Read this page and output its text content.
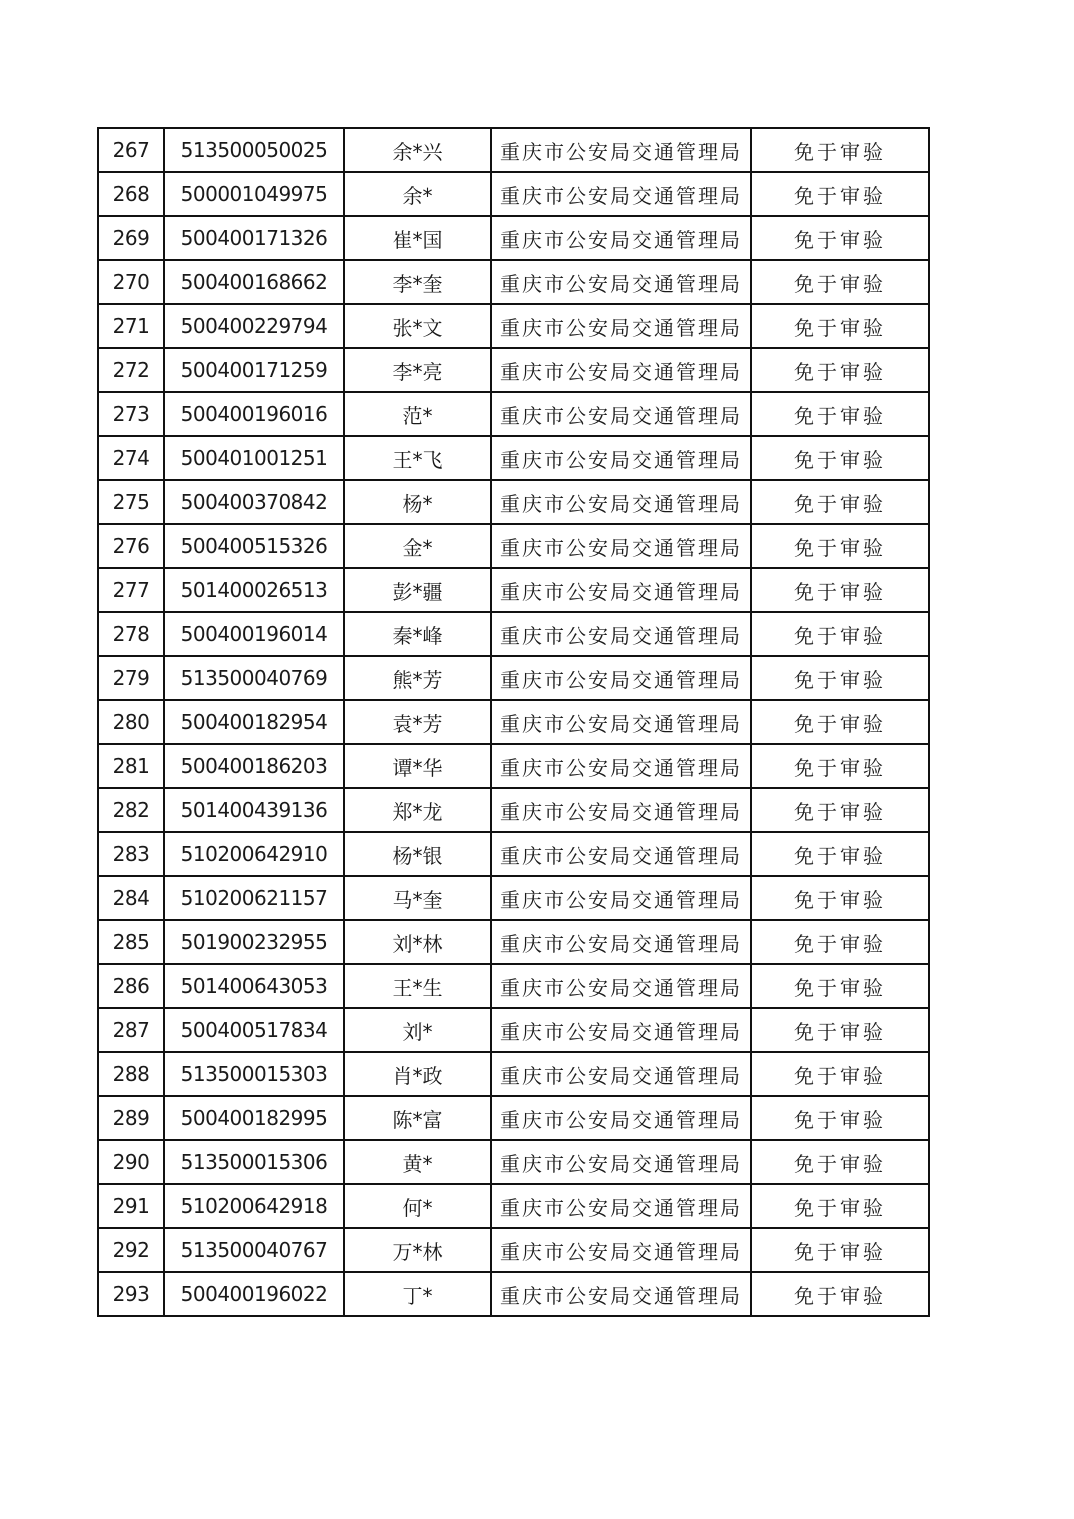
267	513500050025	余*兴	重庆市公安局交通管理局	免于审验
268	500001049975	余*	重庆市公安局交通管理局	免于审验
269	500400171326	崔*国	重庆市公安局交通管理局	免于审验
270	500400168662	李*奎	重庆市公安局交通管理局	免于审验
271	500400229794	张*文	重庆市公安局交通管理局	免于审验
272	500400171259	李*亮	重庆市公安局交通管理局	免于审验
273	500400196016	范*	重庆市公安局交通管理局	免于审验
274	500401001251	王*飞	重庆市公安局交通管理局	免于审验
275	500400370842	杨*	重庆市公安局交通管理局	免于审验
276	500400515326	金*	重庆市公安局交通管理局	免于审验
277	501400026513	彭*疆	重庆市公安局交通管理局	免于审验
278	500400196014	秦*峰	重庆市公安局交通管理局	免于审验
279	513500040769	熊*芳	重庆市公安局交通管理局	免于审验
280	500400182954	袁*芳	重庆市公安局交通管理局	免于审验
281	500400186203	谭*华	重庆市公安局交通管理局	免于审验
282	501400439136	郑*龙	重庆市公安局交通管理局	免于审验
283	510200642910	杨*银	重庆市公安局交通管理局	免于审验
284	510200621157	马*奎	重庆市公安局交通管理局	免于审验
285	501900232955	刘*林	重庆市公安局交通管理局	免于审验
286	501400643053	王*生	重庆市公安局交通管理局	免于审验
287	500400517834	刘*	重庆市公安局交通管理局	免于审验
288	513500015303	肖*政	重庆市公安局交通管理局	免于审验
289	500400182995	陈*富	重庆市公安局交通管理局	免于审验
290	513500015306	黄*	重庆市公安局交通管理局	免于审验
291	510200642918	何*	重庆市公安局交通管理局	免于审验
292	513500040767	万*林	重庆市公安局交通管理局	免于审验
293	500400196022	丁*	重庆市公安局交通管理局	免于审验
